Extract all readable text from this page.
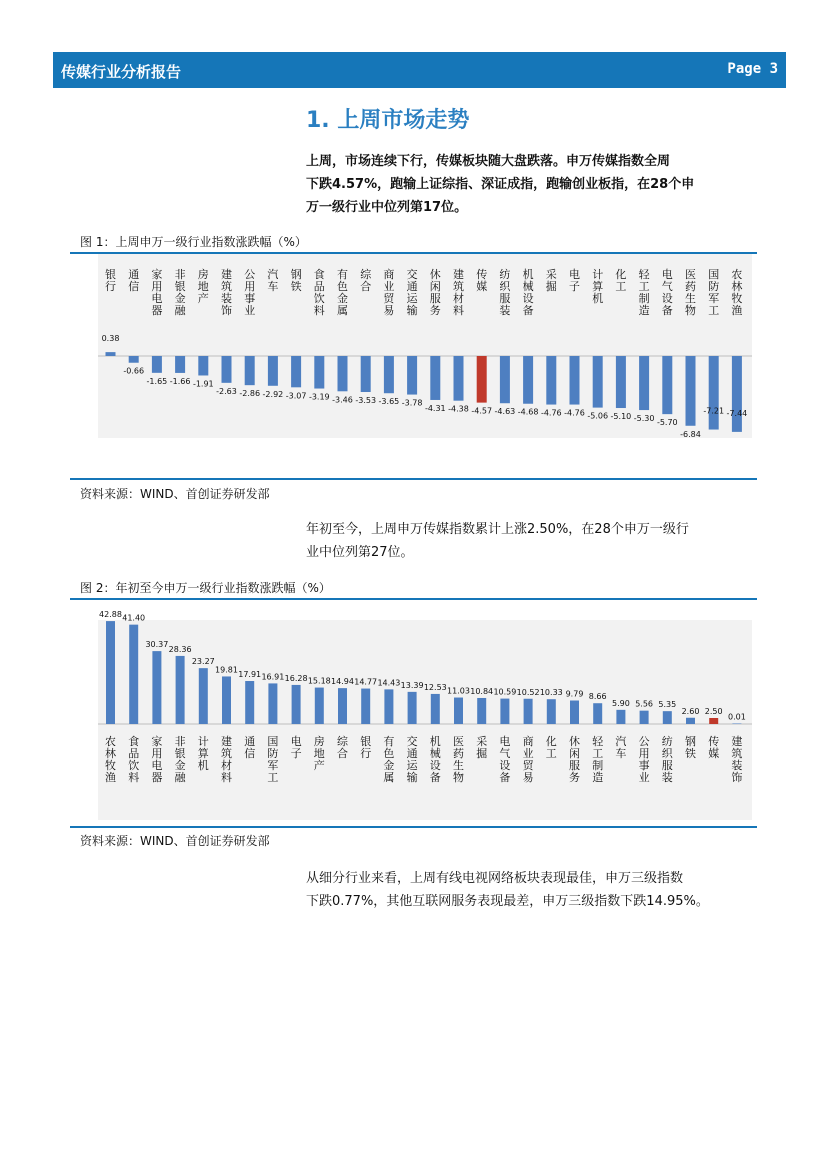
传媒行业分析报告	Page 3
1. 上周市场走势
上周，市场连续下行，传媒板块随大盘跌落。申万传媒指数全周
下跌4.57%，跑输上证综指、深证成指，跑输创业板指，在28个申
万一级行业中位列第17位。
图 1：上周申万一级行业指数涨跌幅（%）
银行
0.38
通信
-0.66
家用电器
-1.65
非银金融
-1.66
房地产
-1.91
建筑装饰
-2.63
公用事业
-2.86
汽车
-2.92
钢铁
-3.07
食品饮料
-3.19
有色金属
-3.46
综合
-3.53
商业贸易
-3.65
交通运输
-3.78
休闲服务
-4.31
建筑材料
-4.38
传媒
-4.57
纺织服装
-4.63
机械设备
-4.68
采掘
-4.76
电子
-4.76
计算机
-5.06
化工
-5.10
轻工制造
-5.30
电气设备
-5.70
医药生物
-6.84
国防军工
-7.21
农林牧渔
-7.44
资料来源：WIND、首创证券研发部
年初至今，上周申万传媒指数累计上涨2.50%，在28个申万一级行
业中位列第27位。
图 2：年初至今申万一级行业指数涨跌幅（%）
42.88
农林牧渔
41.40
食品饮料
30.37
家用电器
28.36
非银金融
23.27
计算机
19.81
建筑材料
17.91
通信
16.91
国防军工
16.28
电子
15.18
房地产
14.94
综合
14.77
银行
14.43
有色金属
13.39
交通运输
12.53
机械设备
11.03
医药生物
10.84
采掘
10.59
电气设备
10.52
商业贸易
10.33
化工
9.79
休闲服务
8.66
轻工制造
5.90
汽车
5.56
公用事业
5.35
纺织服装
2.60
钢铁
2.50
传媒
0.01
建筑装饰
资料来源：WIND、首创证券研发部
从细分行业来看，上周有线电视网络板块表现最佳，申万三级指数
下跌0.77%，其他互联网服务表现最差，申万三级指数下跌14.95%。
